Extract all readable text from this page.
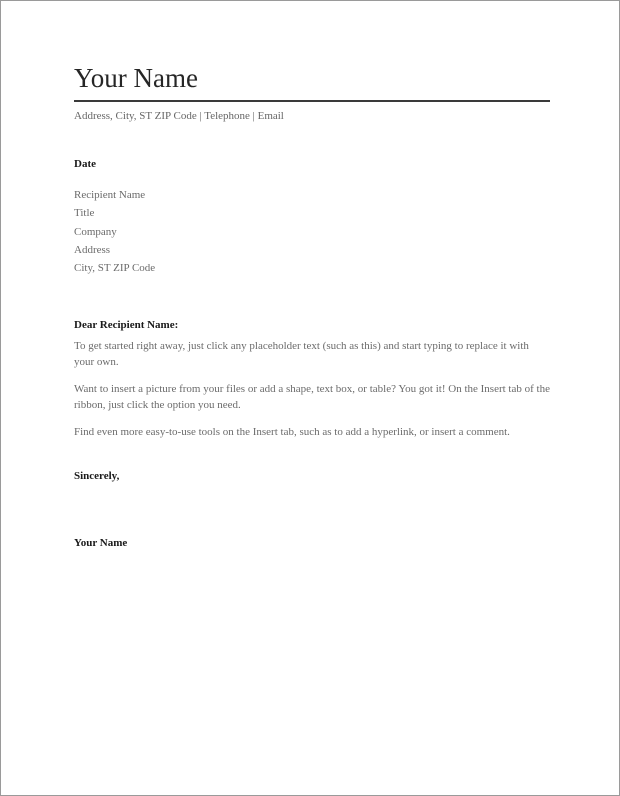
Your Name
Address, City, ST ZIP Code | Telephone | Email
Date
Recipient Name
Title
Company
Address
City, ST ZIP Code
Dear Recipient Name:

To get started right away, just click any placeholder text (such as this) and start typing to replace it with your own.

Want to insert a picture from your files or add a shape, text box, or table? You got it! On the Insert tab of the ribbon, just click the option you need.

Find even more easy-to-use tools on the Insert tab, such as to add a hyperlink, or insert a comment.

Sincerely,
Your Name
